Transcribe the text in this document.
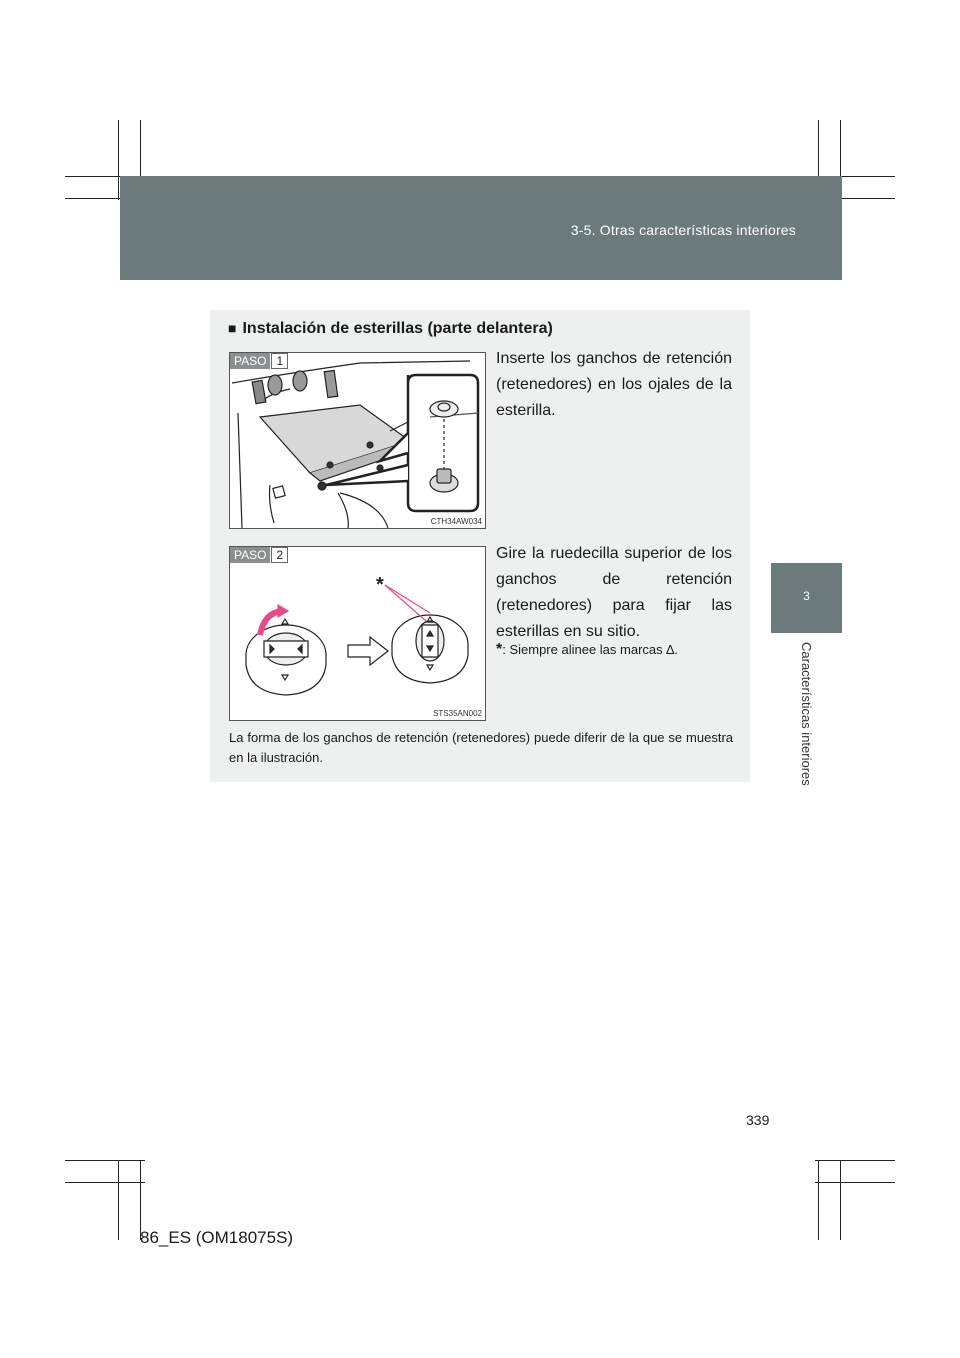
3-5. Otras características interiores
3
Características interiores
■ Instalación de esterillas (parte delantera)
PASO 1
CTH34AW034
Inserte los ganchos de retención (retenedores) en los ojales de la esterilla.
*
PASO 2
STS35AN002
Gire la ruedecilla superior de los ganchos de retención (retenedores) para fijar las esterillas en su sitio.
*: Siempre alinee las marcas ∆.
La forma de los ganchos de retención (retenedores) puede diferir de la que se muestra en la ilustración.
339
86_ES (OM18075S)
